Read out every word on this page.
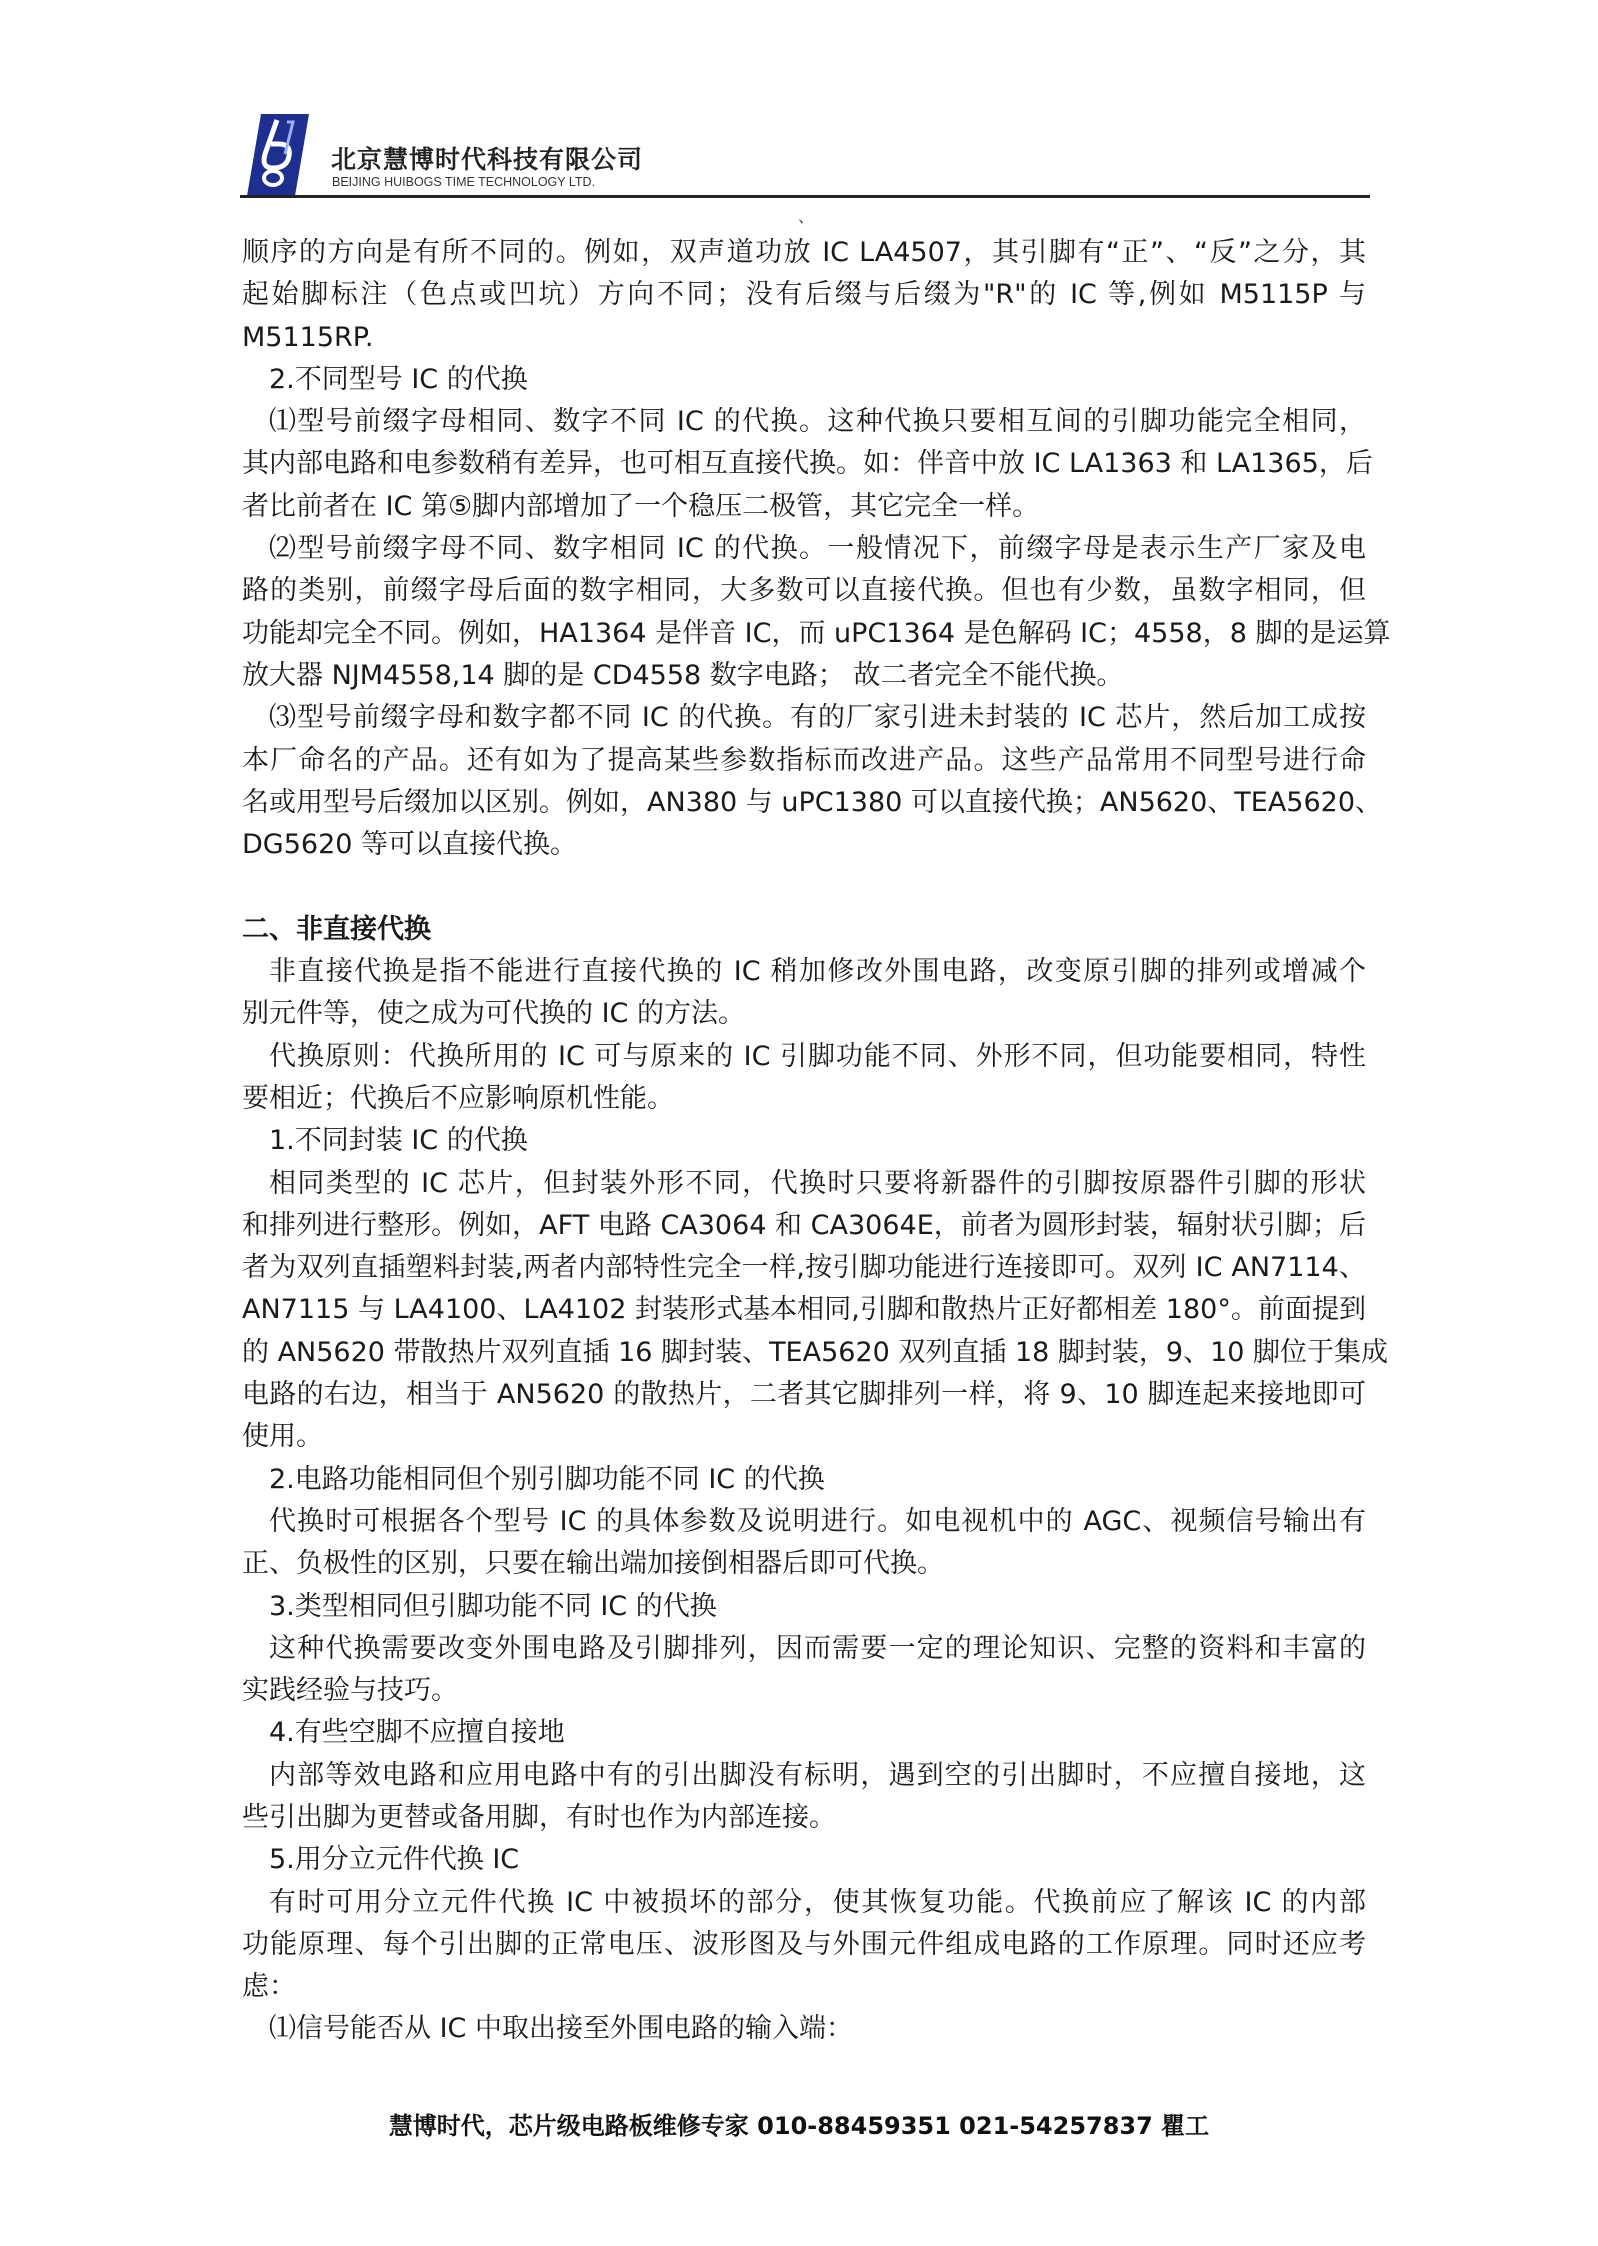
北京慧博时代科技有限公司
BEIJING HUIBOGS TIME TECHNOLOGY LTD.
、
顺序的方向是有所不同的。例如，双声道功放 IC LA4507，其引脚有“正”、“反”之分，其
起始脚标注（色点或凹坑）方向不同；没有后缀与后缀为"R"的 IC 等,例如 M5115P 与
M5115RP.
2.不同型号 IC 的代换
⑴型号前缀字母相同、数字不同 IC 的代换。这种代换只要相互间的引脚功能完全相同，
其内部电路和电参数稍有差异，也可相互直接代换。如：伴音中放 IC LA1363 和 LA1365，后
者比前者在 IC 第⑤脚内部增加了一个稳压二极管，其它完全一样。
⑵型号前缀字母不同、数字相同 IC 的代换。一般情况下，前缀字母是表示生产厂家及电
路的类别，前缀字母后面的数字相同，大多数可以直接代换。但也有少数，虽数字相同，但
功能却完全不同。例如，HA1364 是伴音 IC，而 uPC1364 是色解码 IC；4558，8 脚的是运算
放大器 NJM4558,14 脚的是 CD4558 数字电路； 故二者完全不能代换。
⑶型号前缀字母和数字都不同 IC 的代换。有的厂家引进未封装的 IC 芯片，然后加工成按
本厂命名的产品。还有如为了提高某些参数指标而改进产品。这些产品常用不同型号进行命
名或用型号后缀加以区别。例如，AN380 与 uPC1380 可以直接代换；AN5620、TEA5620、
DG5620 等可以直接代换。
二、非直接代换
非直接代换是指不能进行直接代换的 IC 稍加修改外围电路，改变原引脚的排列或增减个
别元件等，使之成为可代换的 IC 的方法。
代换原则：代换所用的 IC 可与原来的 IC 引脚功能不同、外形不同，但功能要相同，特性
要相近；代换后不应影响原机性能。
1.不同封装 IC 的代换
相同类型的 IC 芯片，但封装外形不同，代换时只要将新器件的引脚按原器件引脚的形状
和排列进行整形。例如，AFT 电路 CA3064 和 CA3064E，前者为圆形封装，辐射状引脚；后
者为双列直插塑料封装,两者内部特性完全一样,按引脚功能进行连接即可。双列 IC AN7114、
AN7115 与 LA4100、LA4102 封装形式基本相同,引脚和散热片正好都相差 180°。前面提到
的 AN5620 带散热片双列直插 16 脚封装、TEA5620 双列直插 18 脚封装，9、10 脚位于集成
电路的右边，相当于 AN5620 的散热片，二者其它脚排列一样，将 9、10 脚连起来接地即可
使用。
2.电路功能相同但个别引脚功能不同 IC 的代换
代换时可根据各个型号 IC 的具体参数及说明进行。如电视机中的 AGC、视频信号输出有
正、负极性的区别，只要在输出端加接倒相器后即可代换。
3.类型相同但引脚功能不同 IC 的代换
这种代换需要改变外围电路及引脚排列，因而需要一定的理论知识、完整的资料和丰富的
实践经验与技巧。
4.有些空脚不应擅自接地
内部等效电路和应用电路中有的引出脚没有标明，遇到空的引出脚时，不应擅自接地，这
些引出脚为更替或备用脚，有时也作为内部连接。
5.用分立元件代换 IC
有时可用分立元件代换 IC 中被损坏的部分，使其恢复功能。代换前应了解该 IC 的内部
功能原理、每个引出脚的正常电压、波形图及与外围元件组成电路的工作原理。同时还应考
虑：
⑴信号能否从 IC 中取出接至外围电路的输入端：
慧博时代，芯片级电路板维修专家 010-88459351 021-54257837 瞿工
